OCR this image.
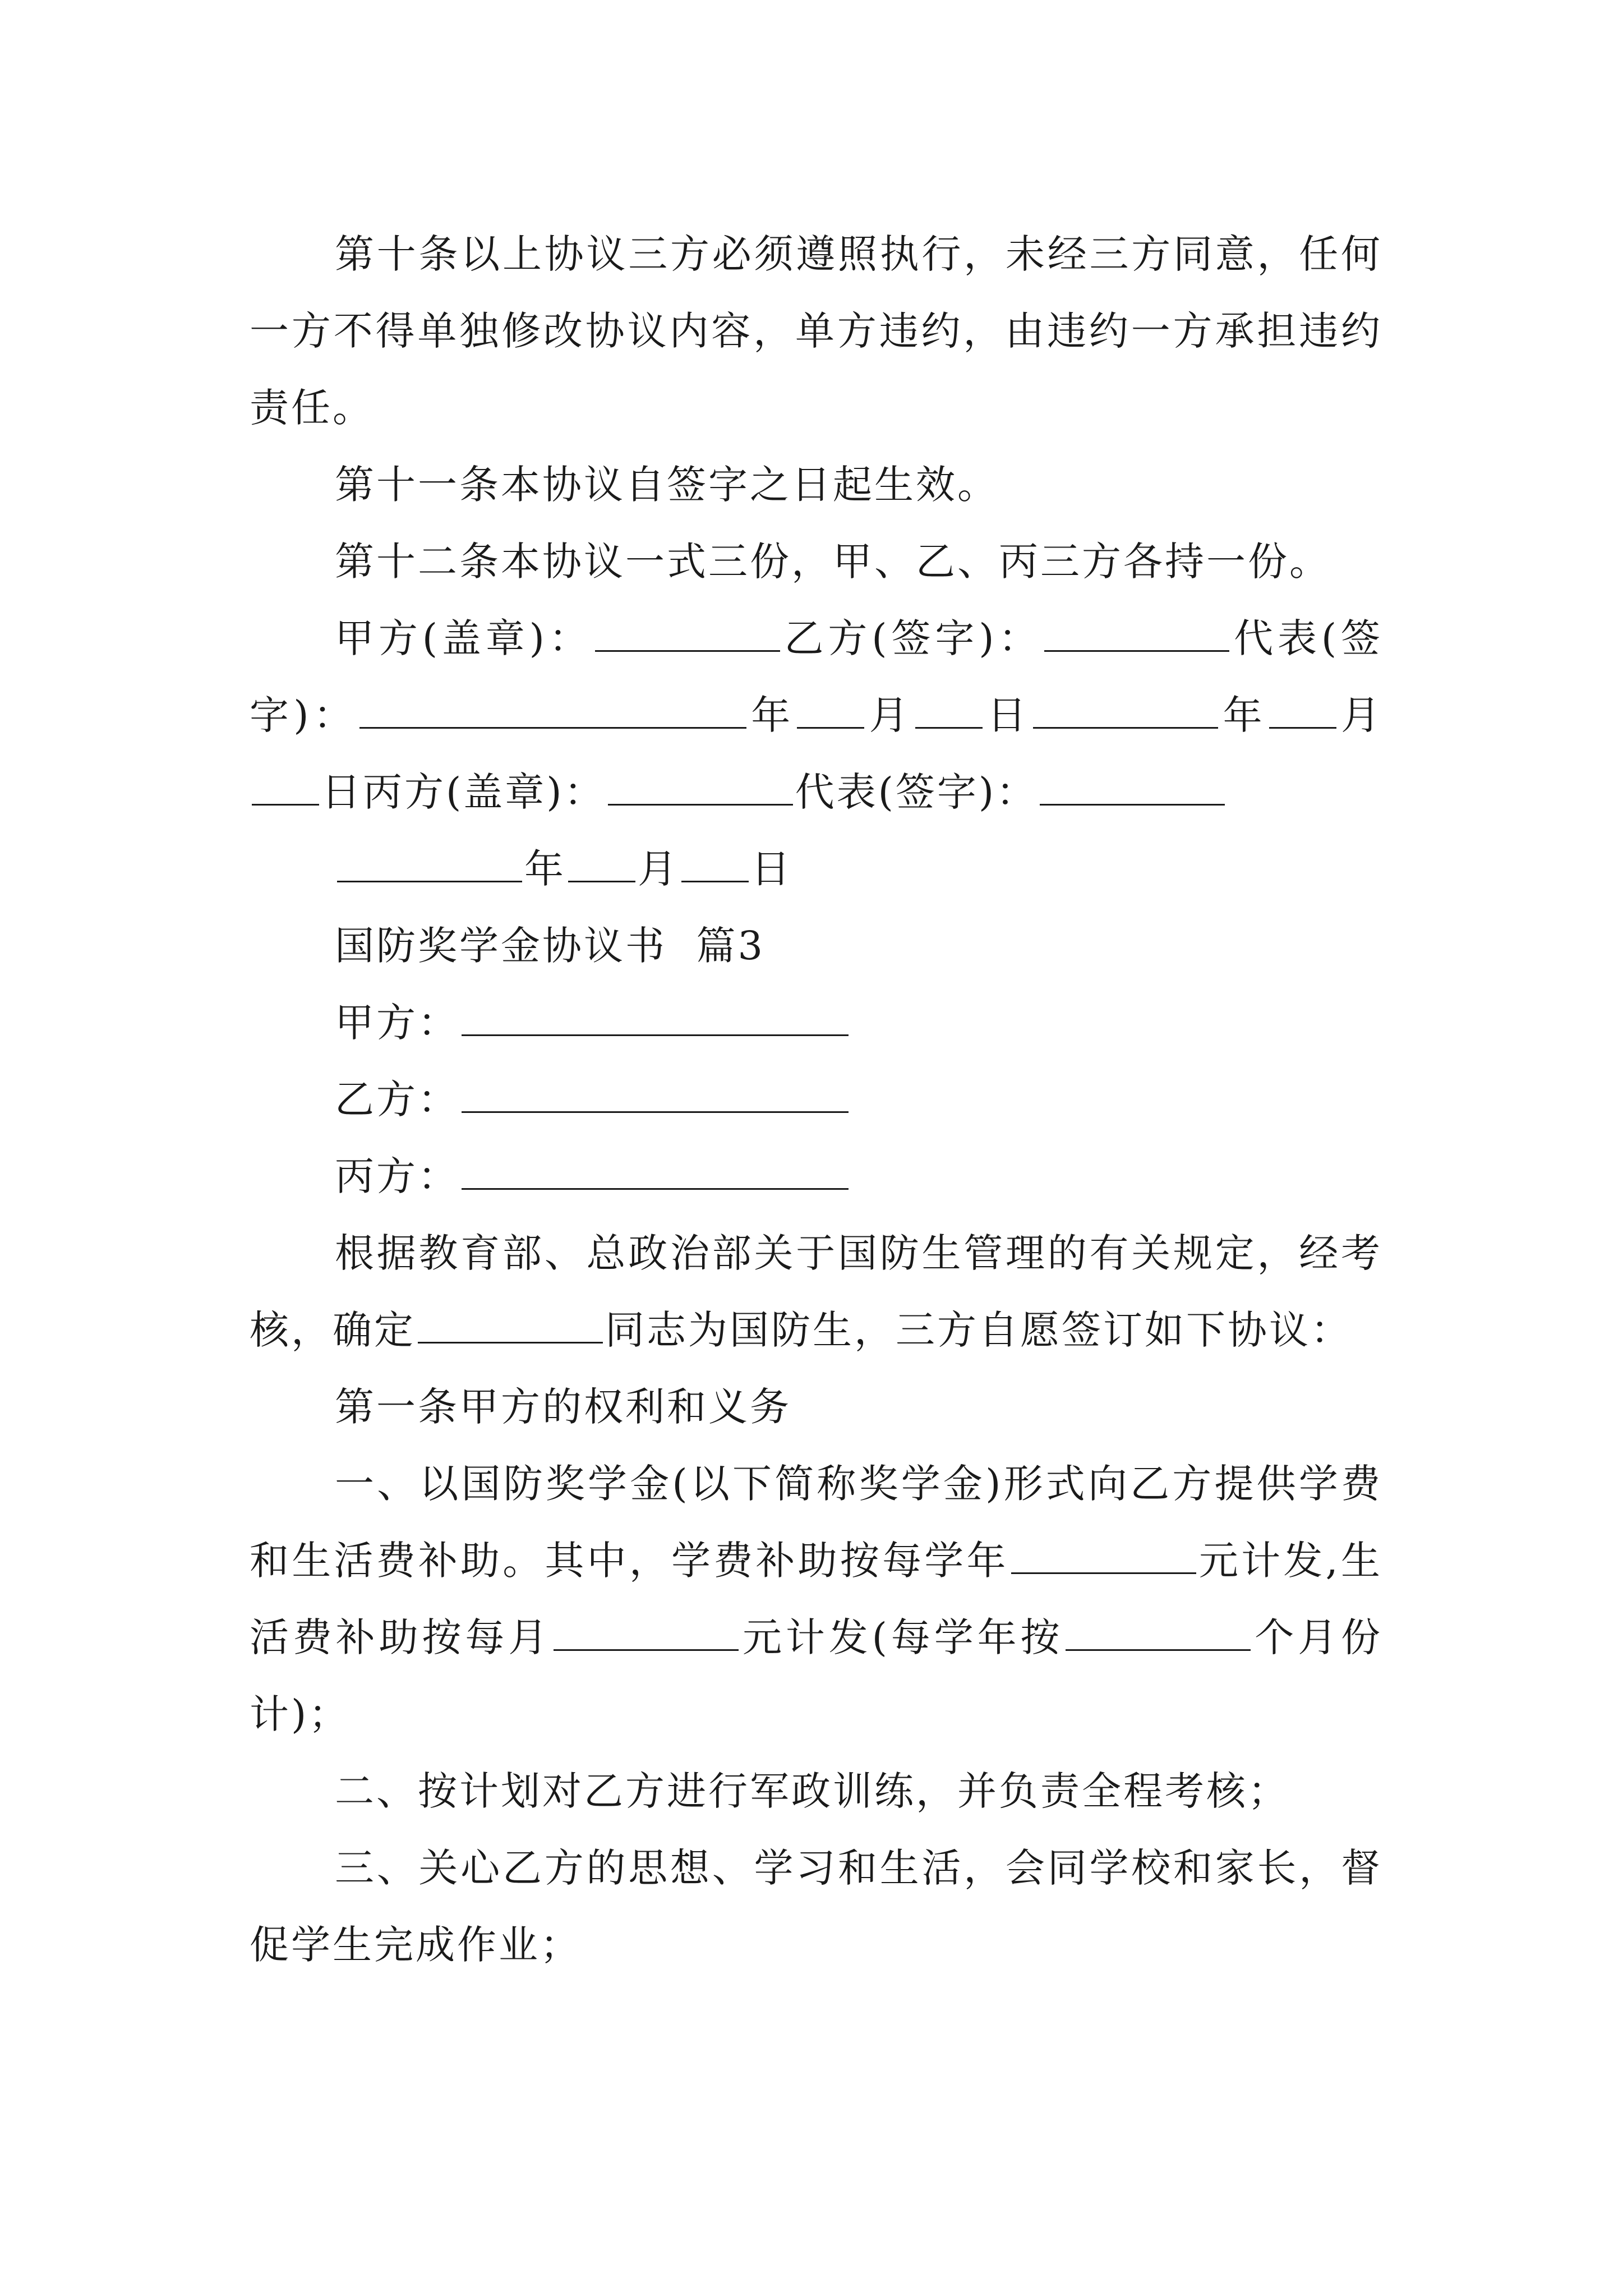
第十条以上协议三方必须遵照执行，未经三方同意，任何一方不得单独修改协议内容，单方违约，由违约一方承担违约责任。

第十一条本协议自签字之日起生效。

第十二条本协议一式三份，甲、乙、丙三方各持一份。

甲方(盖章)：	乙方(签字)：	代表(签字)：	年 月 日	年 月日丙方(盖章)：	代表(签字)：

年 月 日

国防奖学金协议书  篇3

甲方：

乙方：

丙方：

根据教育部、总政治部关于国防生管理的有关规定，经考核，确定	同志为国防生，三方自愿签订如下协议：

第一条甲方的权利和义务

一、以国防奖学金(以下简称奖学金)形式向乙方提供学费和生活费补助。其中，学费补助按每学年	元计发,生活费补助按每月	元计发(每学年按	个月份计)；

二、按计划对乙方进行军政训练，并负责全程考核；

三、关心乙方的思想、学习和生活，会同学校和家长，督促学生完成作业；
